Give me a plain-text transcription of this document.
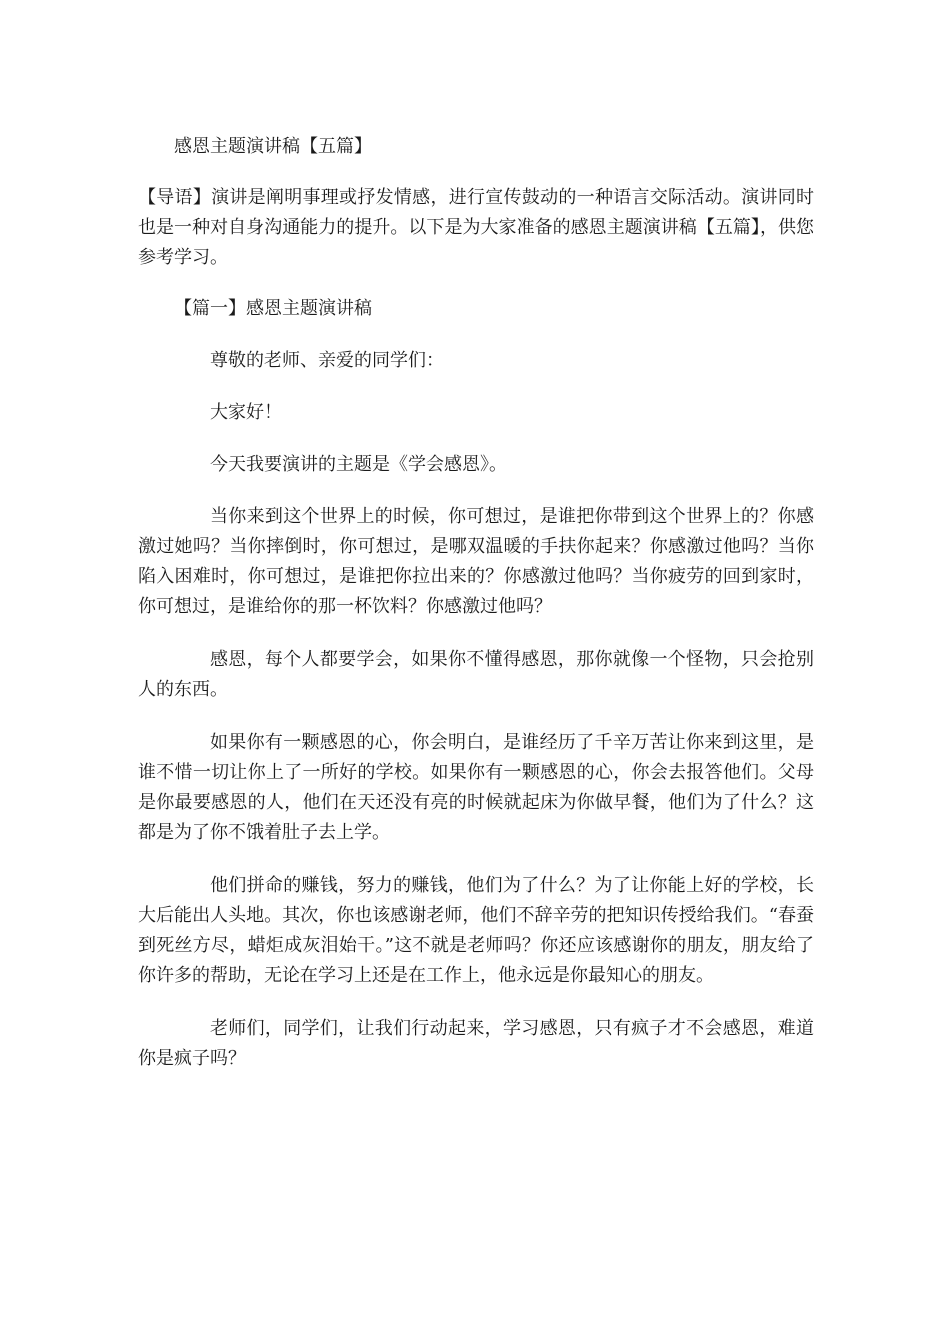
感恩主题演讲稿【五篇】

【导语】演讲是阐明事理或抒发情感，进行宣传鼓动的一种语言交际活动。演讲同时也是一种对自身沟通能力的提升。以下是为大家准备的感恩主题演讲稿【五篇】，供您参考学习。

【篇一】感恩主题演讲稿

尊敬的老师、亲爱的同学们：

大家好！

今天我要演讲的主题是《学会感恩》。

当你来到这个世界上的时候，你可想过，是谁把你带到这个世界上的？你感激过她吗？当你摔倒时，你可想过，是哪双温暖的手扶你起来？你感激过他吗？当你陷入困难时，你可想过，是谁把你拉出来的？你感激过他吗？当你疲劳的回到家时，你可想过，是谁给你的那一杯饮料？你感激过他吗？

感恩，每个人都要学会，如果你不懂得感恩，那你就像一个怪物，只会抢别人的东西。

如果你有一颗感恩的心，你会明白，是谁经历了千辛万苦让你来到这里，是谁不惜一切让你上了一所好的学校。如果你有一颗感恩的心，你会去报答他们。父母是你最要感恩的人，他们在天还没有亮的时候就起床为你做早餐，他们为了什么？这都是为了你不饿着肚子去上学。

他们拼命的赚钱，努力的赚钱，他们为了什么？为了让你能上好的学校，长大后能出人头地。其次，你也该感谢老师，他们不辞辛劳的把知识传授给我们。“春蚕到死丝方尽，蜡炬成灰泪始干。”这不就是老师吗？你还应该感谢你的朋友，朋友给了你许多的帮助，无论在学习上还是在工作上，他永远是你最知心的朋友。

老师们，同学们，让我们行动起来，学习感恩，只有疯子才不会感恩，难道你是疯子吗？
